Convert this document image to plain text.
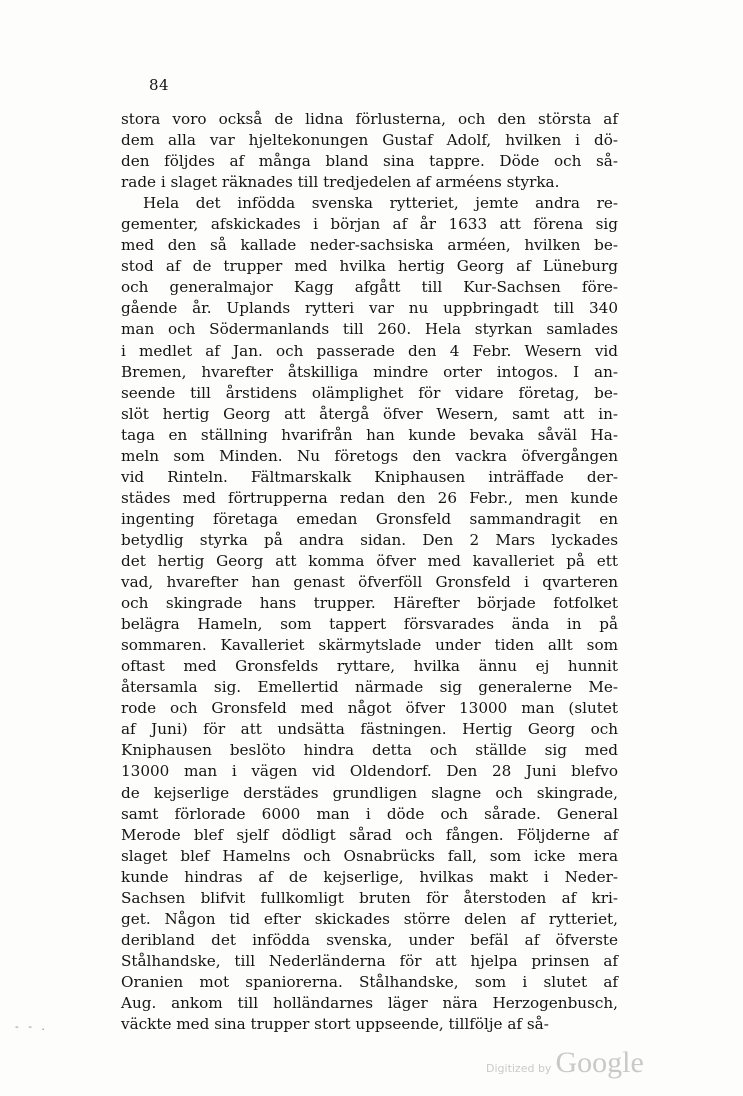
84
stora voro också de lidna förlusterna, och den största af
dem alla var hjeltekonungen Gustaf Adolf, hvilken i dö-
den följdes af många bland sina tappre. Döde och så-
rade i slaget räknades till tredjedelen af arméens styrka.
Hela det infödda svenska rytteriet, jemte andra re-
gementer, afskickades i början af år 1633 att förena sig
med den så kallade neder-sachsiska arméen, hvilken be-
stod af de trupper med hvilka hertig Georg af Lüneburg
och generalmajor Kagg afgått till Kur-Sachsen före-
gående år. Uplands rytteri var nu uppbringadt till 340
man och Södermanlands till 260. Hela styrkan samlades
i medlet af Jan. och passerade den 4 Febr. Wesern vid
Bremen, hvarefter åtskilliga mindre orter intogos. I an-
seende till årstidens olämplighet för vidare företag, be-
slöt hertig Georg att återgå öfver Wesern, samt att in-
taga en ställning hvarifrån han kunde bevaka såväl Ha-
meln som Minden. Nu företogs den vackra öfvergången
vid Rinteln. Fältmarskalk Kniphausen inträffade der-
städes med förtrupperna redan den 26 Febr., men kunde
ingenting företaga emedan Gronsfeld sammandragit en
betydlig styrka på andra sidan. Den 2 Mars lyckades
det hertig Georg att komma öfver med kavalleriet på ett
vad, hvarefter han genast öfverföll Gronsfeld i qvarteren
och skingrade hans trupper. Härefter började fotfolket
belägra Hameln, som tappert försvarades ända in på
sommaren. Kavalleriet skärmytslade under tiden allt som
oftast med Gronsfelds ryttare, hvilka ännu ej hunnit
återsamla sig. Emellertid närmade sig generalerne Me-
rode och Gronsfeld med något öfver 13000 man (slutet
af Juni) för att undsätta fästningen. Hertig Georg och
Kniphausen beslöto hindra detta och ställde sig med
13000 man i vägen vid Oldendorf. Den 28 Juni blefvo
de kejserlige derstädes grundligen slagne och skingrade,
samt förlorade 6000 man i döde och sårade. General
Merode blef sjelf dödligt sårad och fången. Följderne af
slaget blef Hamelns och Osnabrücks fall, som icke mera
kunde hindras af de kejserlige, hvilkas makt i Neder-
Sachsen blifvit fullkomligt bruten för återstoden af kri-
get. Någon tid efter skickades större delen af rytteriet,
deribland det infödda svenska, under befäl af öfverste
Stålhandske, till Nederländerna för att hjelpa prinsen af
Oranien mot spaniorerna. Stålhandske, som i slutet af
Aug. ankom till holländarnes läger nära Herzogenbusch,
väckte med sina trupper stort uppseende, tillfölje af så-
- - .
Digitized by Google
